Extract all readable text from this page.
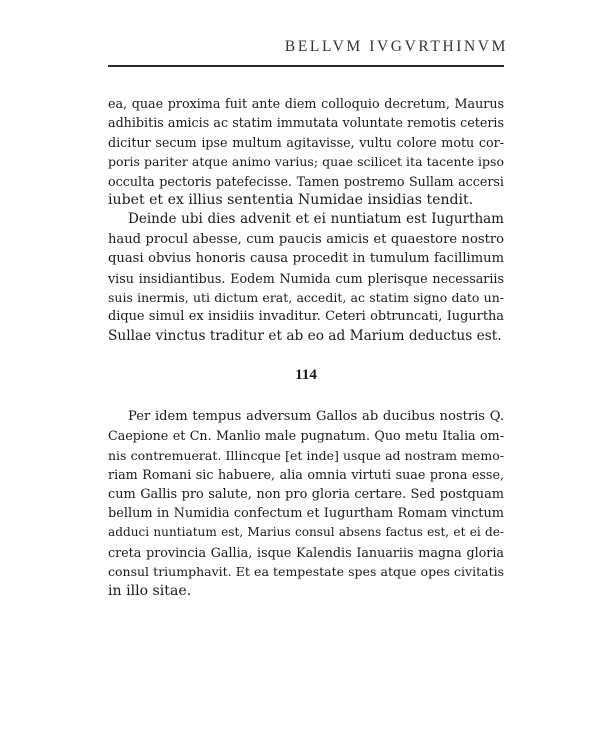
BELLVM IVGVRTHINVM
ea, quae proxima fuit ante diem colloquio decretum, Maurus
adhibitis amicis ac statim immutata voluntate remotis ceteris
dicitur secum ipse multum agitavisse, vultu colore motu cor-
poris pariter atque animo varius; quae scilicet ita tacente ipso
occulta pectoris patefecisse. Tamen postremo Sullam accersi
iubet et ex illius sententia Numidae insidias tendit.
Deinde ubi dies advenit et ei nuntiatum est Iugurtham
haud procul abesse, cum paucis amicis et quaestore nostro
quasi obvius honoris causa procedit in tumulum facillimum
visu insidiantibus. Eodem Numida cum plerisque necessariis
suis inermis, uti dictum erat, accedit, ac statim signo dato un-
dique simul ex insidiis invaditur. Ceteri obtruncati, Iugurtha
Sullae vinctus traditur et ab eo ad Marium deductus est.
114
Per idem tempus adversum Gallos ab ducibus nostris Q.
Caepione et Cn. Manlio male pugnatum. Quo metu Italia om-
nis contremuerat. Illincque [et inde] usque ad nostram memo-
riam Romani sic habuere, alia omnia virtuti suae prona esse,
cum Gallis pro salute, non pro gloria certare. Sed postquam
bellum in Numidia confectum et Iugurtham Romam vinctum
adduci nuntiatum est, Marius consul absens factus est, et ei de-
creta provincia Gallia, isque Kalendis Ianuariis magna gloria
consul triumphavit. Et ea tempestate spes atque opes civitatis
in illo sitae.
